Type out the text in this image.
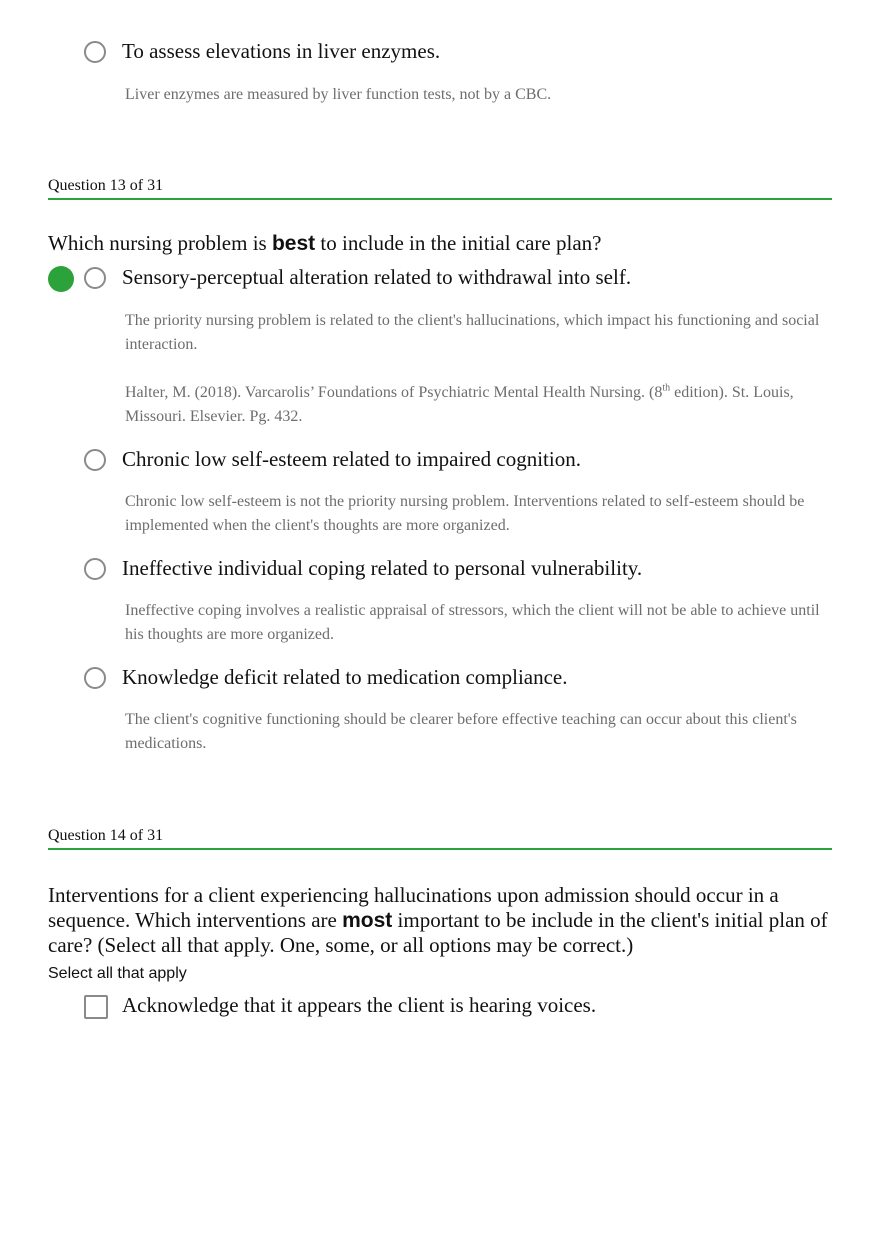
To assess elevations in liver enzymes.
Liver enzymes are measured by liver function tests, not by a CBC.
Question 13 of 31
Which nursing problem is best to include in the initial care plan?
Sensory-perceptual alteration related to withdrawal into self.
The priority nursing problem is related to the client's hallucinations, which impact his functioning and social interaction.
Halter, M. (2018). Varcarolis’ Foundations of Psychiatric Mental Health Nursing. (8th edition). St. Louis, Missouri. Elsevier. Pg. 432.
Chronic low self-esteem related to impaired cognition.
Chronic low self-esteem is not the priority nursing problem. Interventions related to self-esteem should be implemented when the client's thoughts are more organized.
Ineffective individual coping related to personal vulnerability.
Ineffective coping involves a realistic appraisal of stressors, which the client will not be able to achieve until his thoughts are more organized.
Knowledge deficit related to medication compliance.
The client's cognitive functioning should be clearer before effective teaching can occur about this client's medications.
Question 14 of 31
Interventions for a client experiencing hallucinations upon admission should occur in a sequence. Which interventions are most important to be include in the client's initial plan of care? (Select all that apply. One, some, or all options may be correct.)
Select all that apply
Acknowledge that it appears the client is hearing voices.
